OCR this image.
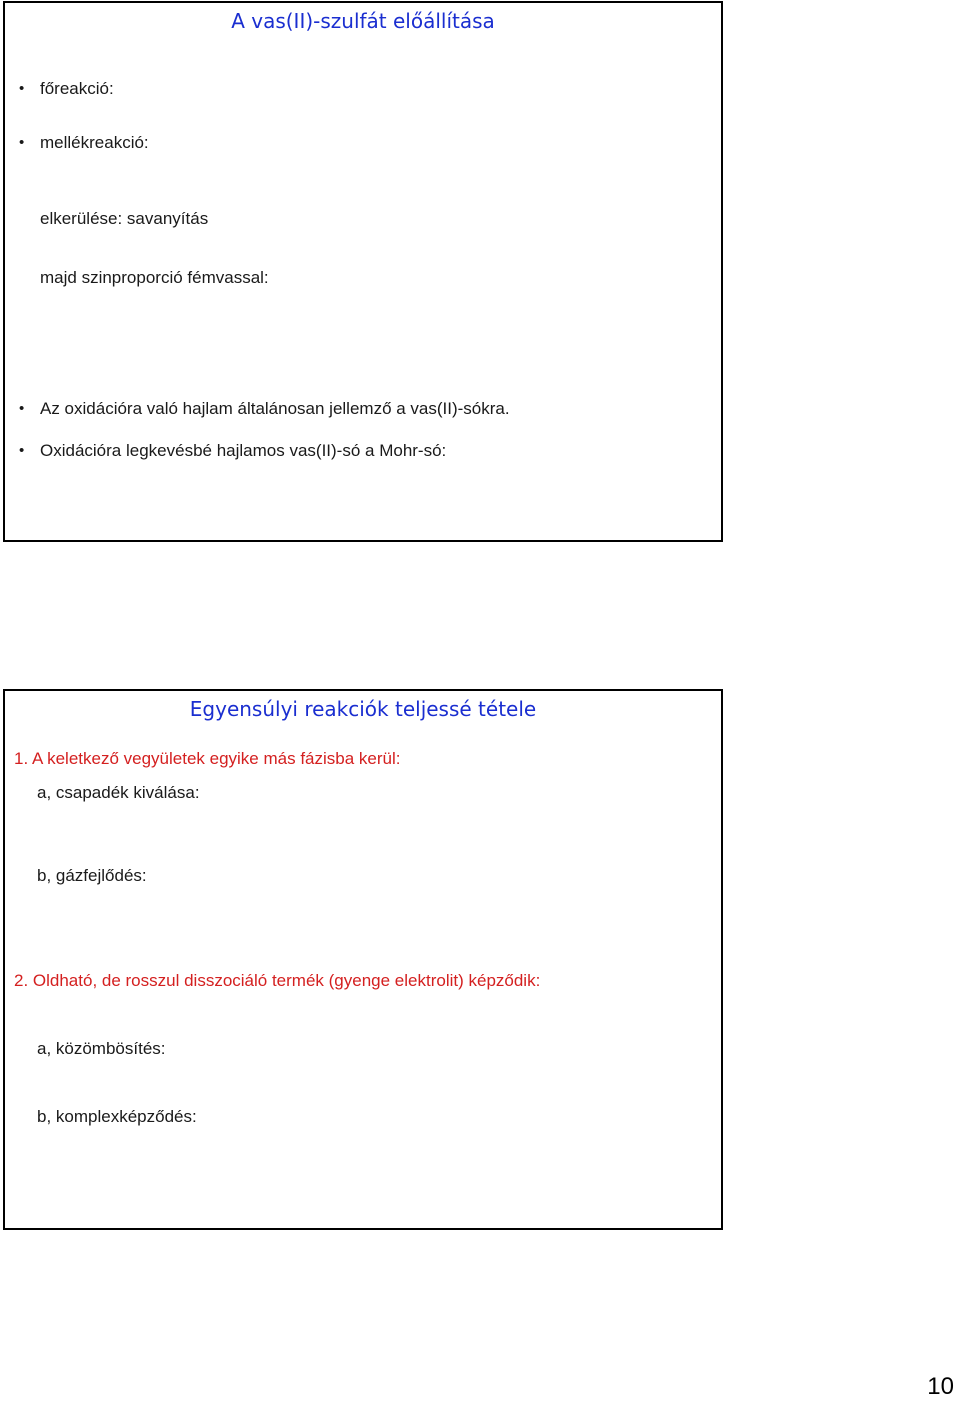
A vas(II)-szulfát előállítása
• főreakció:
• mellékreakció:
elkerülése: savanyítás
majd szinproporció fémvassal:
• Az oxidációra való hajlam általánosan jellemző a vas(II)-sókra.
• Oxidációra legkevésbé hajlamos vas(II)-só a Mohr-só:
Egyensúlyi reakciók teljessé tétele
1. A keletkező vegyületek egyike más fázisba kerül:
a, csapadék kiválása:
b, gázfejlődés:
2. Oldható, de rosszul disszociáló termék (gyenge elektrolit) képződik:
a, közömbösítés:
b, komplexképződés:
10
